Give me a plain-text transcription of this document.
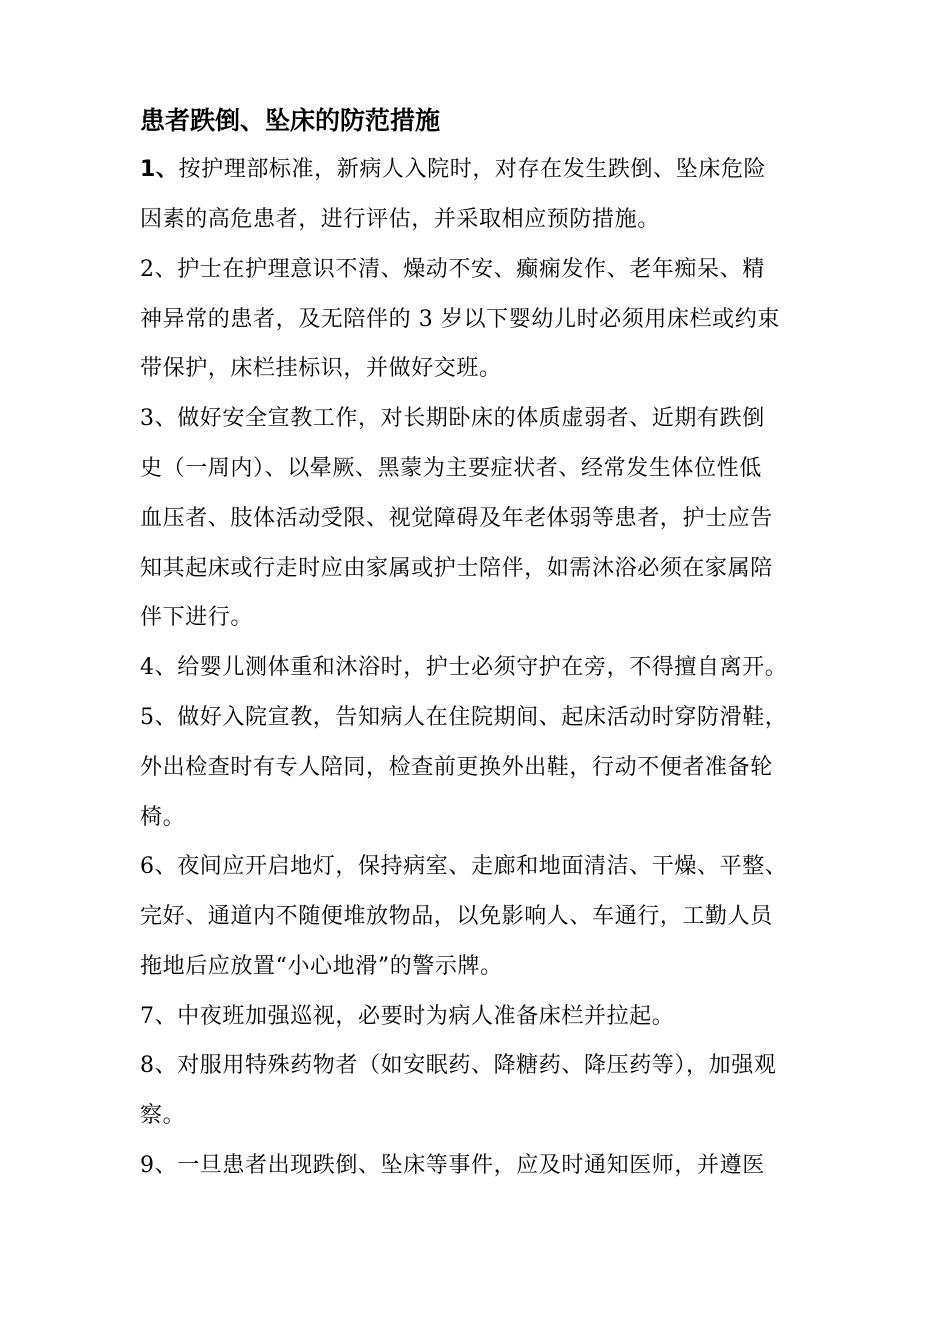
患者跌倒、坠床的防范措施
1、按护理部标准，新病人入院时，对存在发生跌倒、坠床危险
因素的高危患者，进行评估，并采取相应预防措施。
2、护士在护理意识不清、燥动不安、癫痫发作、老年痴呆、精
神异常的患者，及无陪伴的 3 岁以下婴幼儿时必须用床栏或约束
带保护，床栏挂标识，并做好交班。
3、做好安全宣教工作，对长期卧床的体质虚弱者、近期有跌倒
史（一周内）、以晕厥、黑蒙为主要症状者、经常发生体位性低
血压者、肢体活动受限、视觉障碍及年老体弱等患者，护士应告
知其起床或行走时应由家属或护士陪伴，如需沐浴必须在家属陪
伴下进行。
4、给婴儿测体重和沐浴时，护士必须守护在旁，不得擅自离开。
5、做好入院宣教，告知病人在住院期间、起床活动时穿防滑鞋，
外出检查时有专人陪同，检查前更换外出鞋，行动不便者准备轮
椅。
6、夜间应开启地灯，保持病室、走廊和地面清洁、干燥、平整、
完好、通道内不随便堆放物品，以免影响人、车通行，工勤人员
拖地后应放置“小心地滑”的警示牌。
7、中夜班加强巡视，必要时为病人准备床栏并拉起。
8、对服用特殊药物者（如安眠药、降糖药、降压药等），加强观
察。
9、一旦患者出现跌倒、坠床等事件，应及时通知医师，并遵医
